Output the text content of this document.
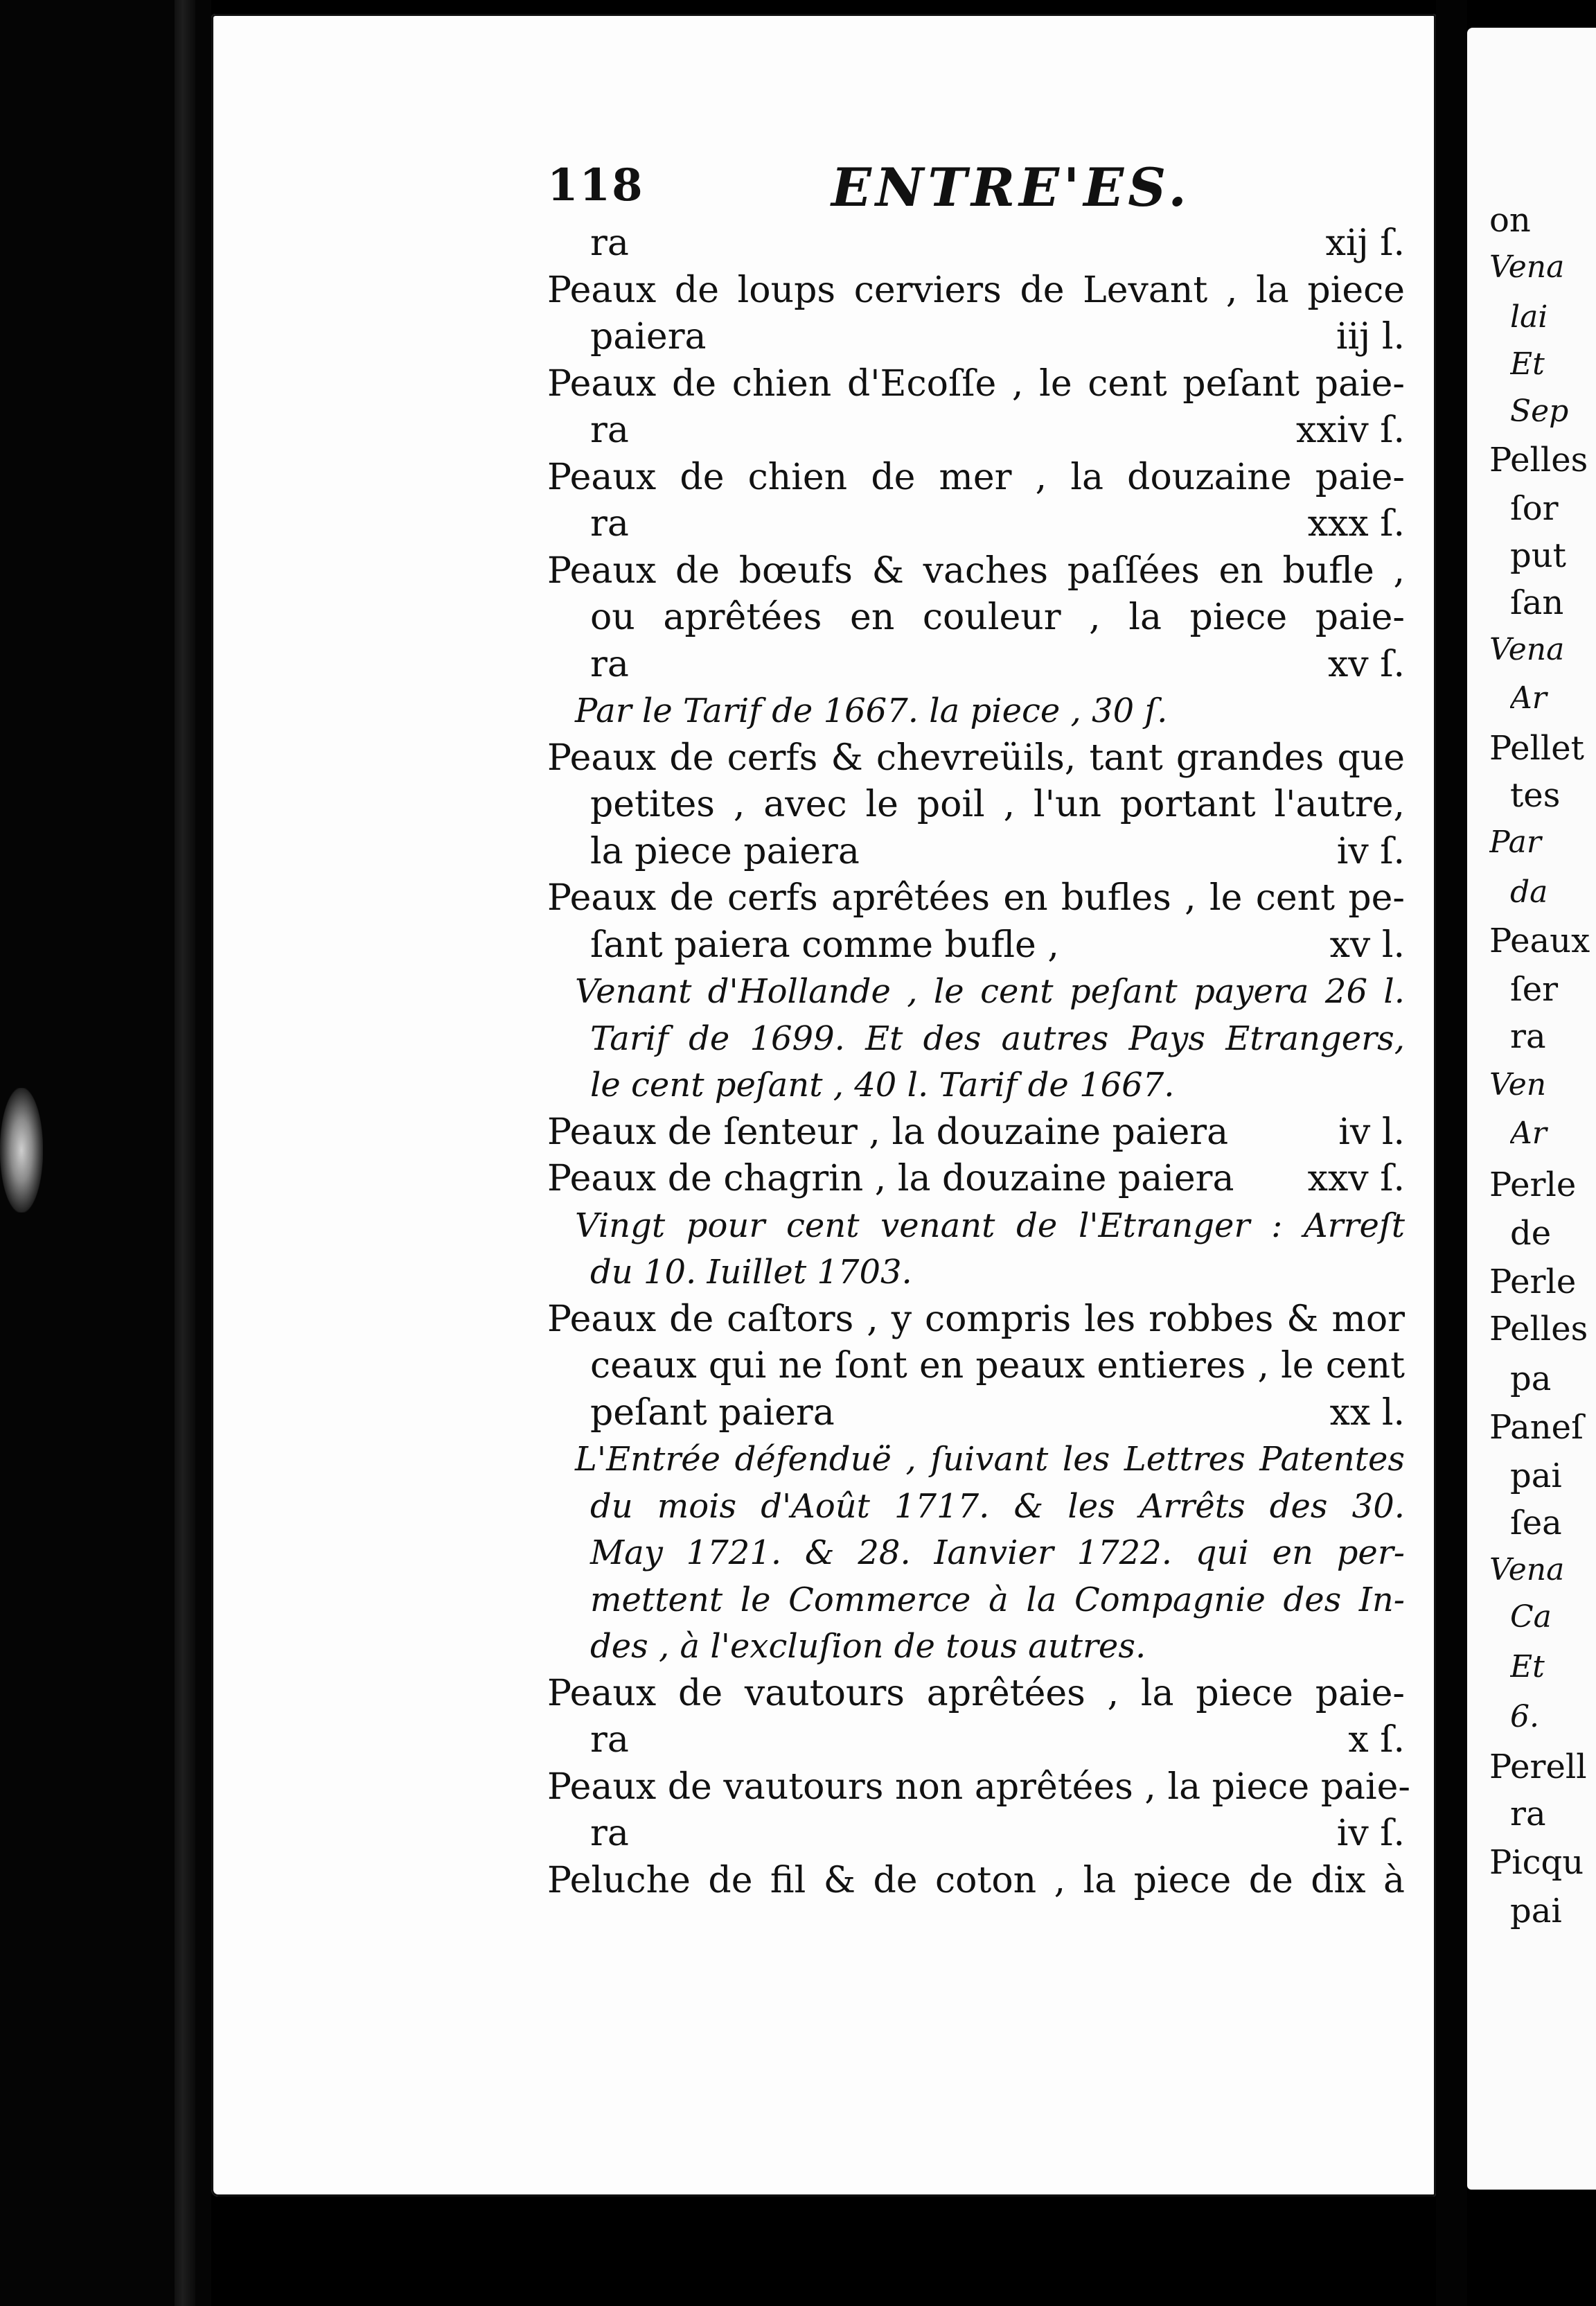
118	ENTRE'ES.
ra	xij ſ.
Peaux de loups cerviers de Levant , la piece
paiera	iij l.
Peaux de chien d'Ecoſſe , le cent peſant paie-
ra	xxiv ſ.
Peaux de chien de mer , la douzaine paie-
ra	xxx ſ.
Peaux de bœufs & vaches paſſées en bufle ,
ou aprêtées en couleur , la piece paie-
ra	xv ſ.
Par le Tarif de 1667. la piece , 30 ſ.
Peaux de cerfs & chevreüils, tant grandes que
petites , avec le poil , l'un portant l'autre,
la piece paiera	iv ſ.
Peaux de cerfs aprêtées en bufles , le cent pe-
ſant paiera comme bufle ,	xv l.
Venant d'Hollande , le cent peſant payera 26 l.
Tarif de 1699. Et des autres Pays Etrangers,
le cent peſant , 40 l. Tarif de 1667.
Peaux de ſenteur , la douzaine paiera	iv l.
Peaux de chagrin , la douzaine paiera xxv ſ.
Vingt pour cent venant de l'Etranger : Arreſt
du 10. Iuillet 1703.
Peaux de caſtors , y compris les robbes & mor
ceaux qui ne ſont en peaux entieres , le cent
peſant paiera	xx l.
L'Entrée défenduë , ſuivant les Lettres Patentes
du mois d'Août 1717. & les Arrêts des 30.
May 1721. & 28. Ianvier 1722. qui en per-
mettent le Commerce à la Compagnie des In-
des , à l'excluſion de tous autres.
Peaux de vautours aprêtées , la piece paie-
ra	x ſ.
Peaux de vautours non aprêtées , la piece paie-
ra	iv ſ.
Peluche de fil & de coton , la piece de dix à
on
Vena
lai
Et
Sep
Pelles
ſor
put
ſan
Vena
Ar
Pellet
tes
Par
da
Peaux
ſer
ra
Ven
Ar
Perle
de
Perle
Pelles
pa
Paneſ
pai
ſea
Vena
Ca
Et
6.
Perell
ra
Picqu
pai
